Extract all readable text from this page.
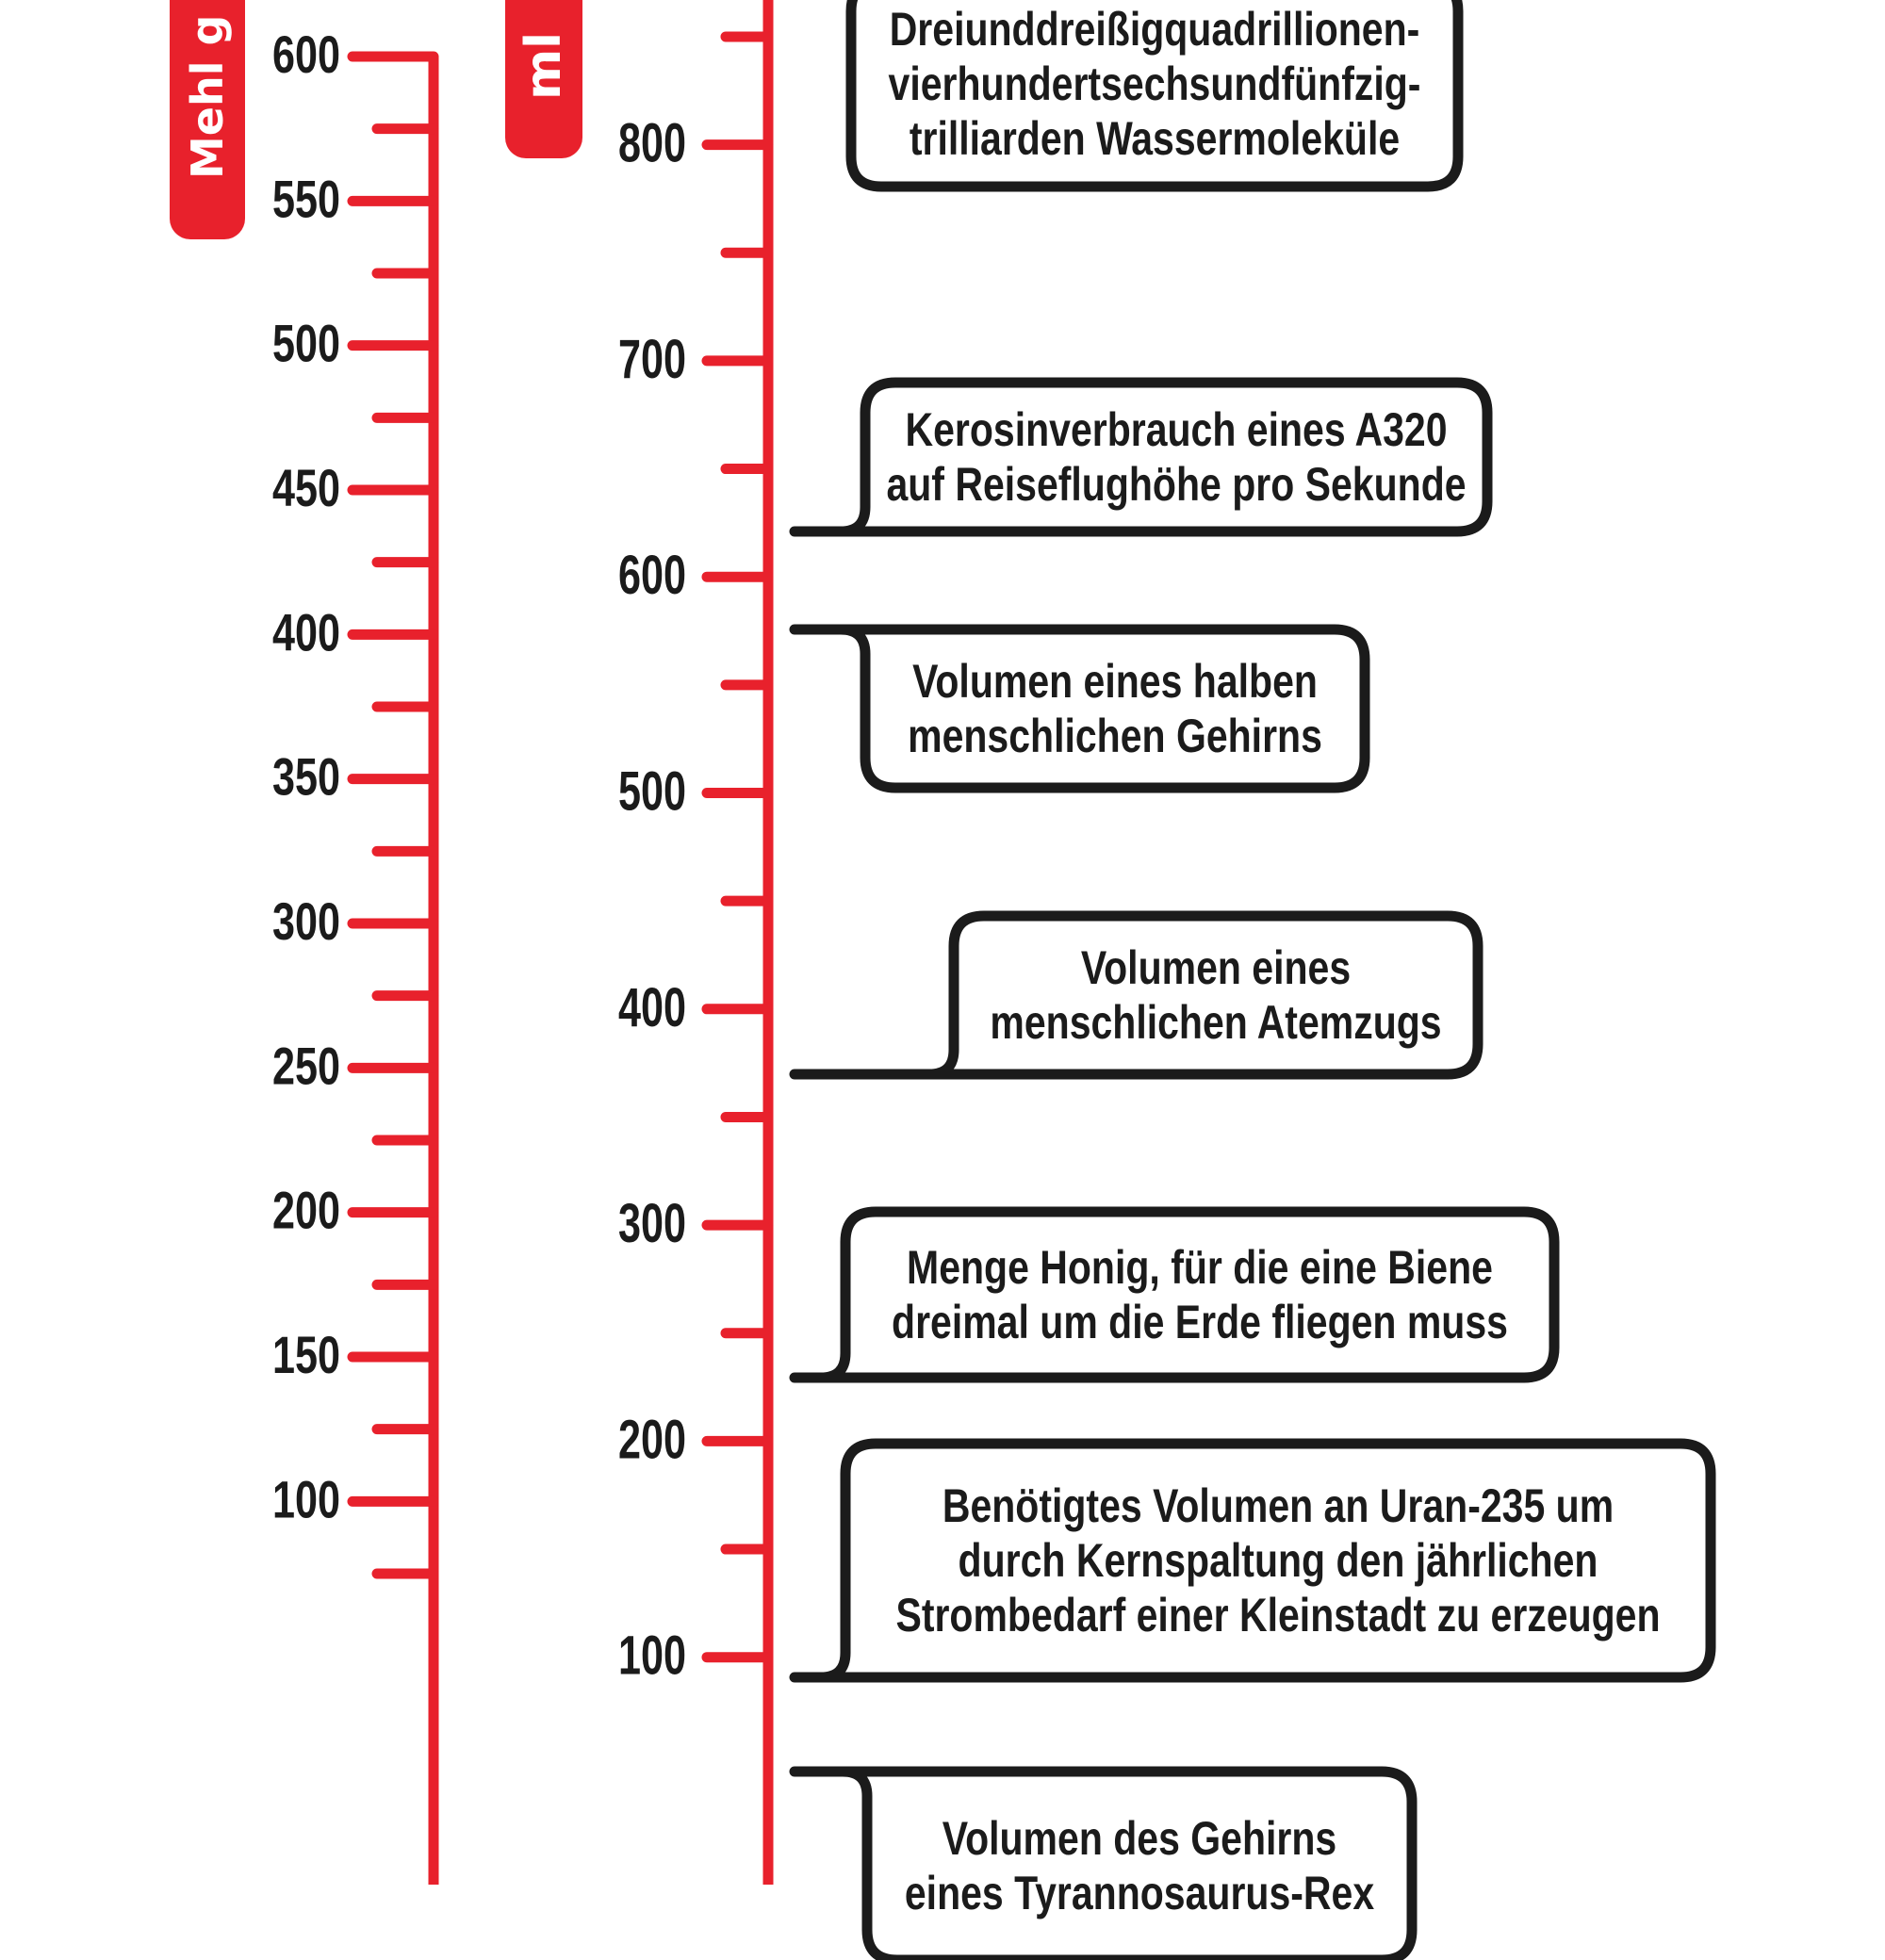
600
550
500
450
400
350
300
250
200
150
100
800
700
600
500
400
300
200
100
Mehl g	ml
Dreiunddreißigquadrillionen-
vierhundertsechsundfünfzig-
trilliarden Wassermoleküle
Kerosinverbrauch eines A320
auf Reiseflughöhe pro Sekunde
Volumen eines halben
menschlichen Gehirns
Volumen eines
menschlichen Atemzugs
Menge Honig, für die eine Biene
dreimal um die Erde fliegen muss
Benötigtes Volumen an Uran-235 um
durch Kernspaltung den jährlichen
Strombedarf einer Kleinstadt zu erzeugen
Volumen des Gehirns
eines Tyrannosaurus-Rex
